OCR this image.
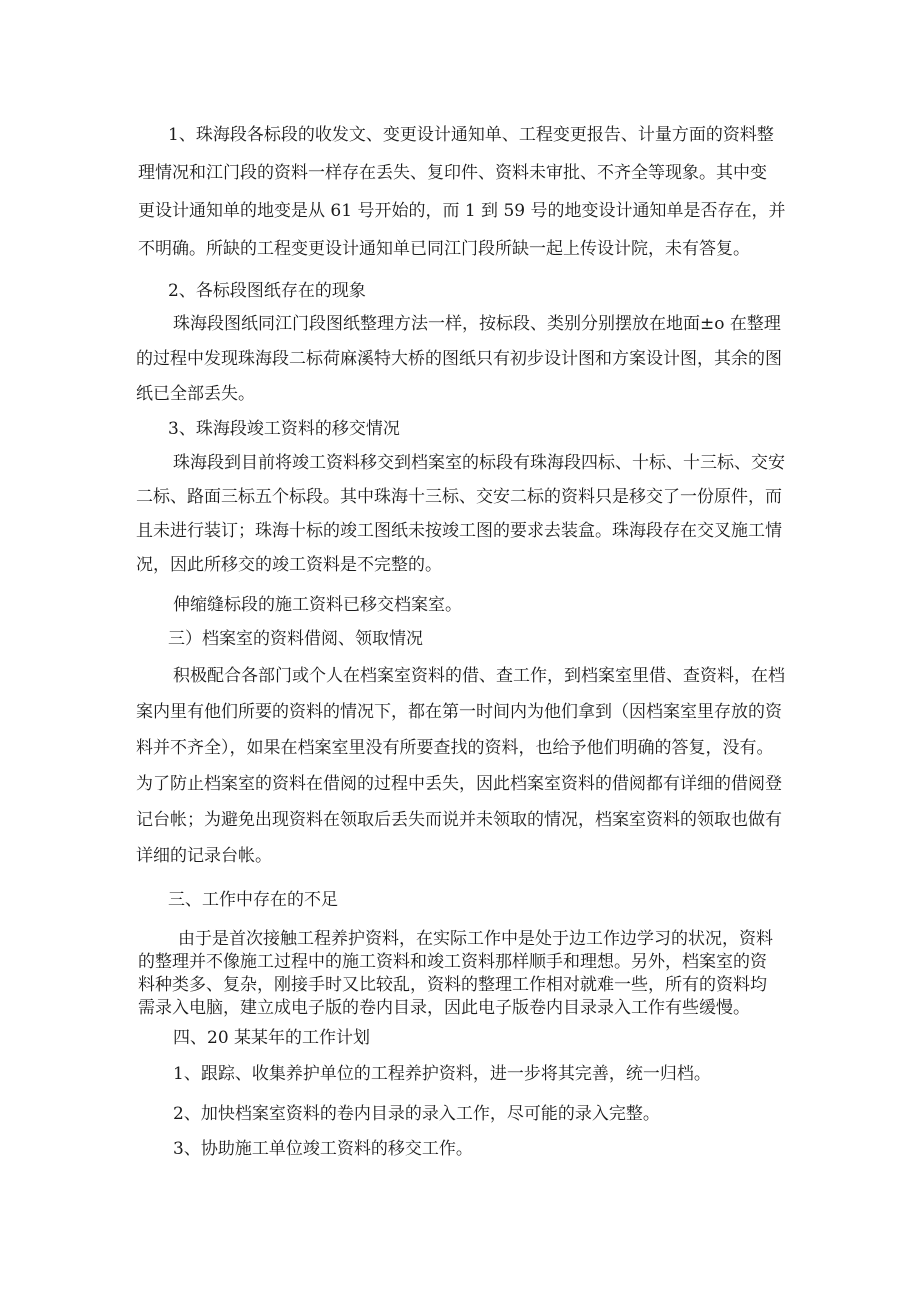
1、珠海段各标段的收发文、变更设计通知单、工程变更报告、计量方面的资料整
理情况和江门段的资料一样存在丢失、复印件、资料未审批、不齐全等现象。其中变
更设计通知单的地变是从 61 号开始的，而 1 到 59 号的地变设计通知单是否存在，并
不明确。所缺的工程变更设计通知单已同江门段所缺一起上传设计院，未有答复。
2、各标段图纸存在的现象
珠海段图纸同江门段图纸整理方法一样，按标段、类别分别摆放在地面±o 在整理
的过程中发现珠海段二标荷麻溪特大桥的图纸只有初步设计图和方案设计图，其余的图
纸已全部丢失。
3、珠海段竣工资料的移交情况
珠海段到目前将竣工资料移交到档案室的标段有珠海段四标、十标、十三标、交安
二标、路面三标五个标段。其中珠海十三标、交安二标的资料只是移交了一份原件，而
且未进行装订；珠海十标的竣工图纸未按竣工图的要求去装盒。珠海段存在交叉施工情
况，因此所移交的竣工资料是不完整的。
伸缩缝标段的施工资料已移交档案室。
三）档案室的资料借阅、领取情况
积极配合各部门或个人在档案室资料的借、查工作，到档案室里借、查资料，在档
案内里有他们所要的资料的情况下，都在第一时间内为他们拿到（因档案室里存放的资
料并不齐全），如果在档案室里没有所要查找的资料，也给予他们明确的答复，没有。
为了防止档案室的资料在借阅的过程中丢失，因此档案室资料的借阅都有详细的借阅登
记台帐；为避免出现资料在领取后丢失而说并未领取的情况，档案室资料的领取也做有
详细的记录台帐。
三、工作中存在的不足
由于是首次接触工程养护资料，在实际工作中是处于边工作边学习的状况，资料
的整理并不像施工过程中的施工资料和竣工资料那样顺手和理想。另外，档案室的资
料种类多、复杂，刚接手时又比较乱，资料的整理工作相对就难一些，所有的资料均
需录入电脑，建立成电子版的卷内目录，因此电子版卷内目录录入工作有些缓慢。
四、20 某某年的工作计划
1、跟踪、收集养护单位的工程养护资料，进一步将其完善，统一归档。
2、加快档案室资料的卷内目录的录入工作，尽可能的录入完整。
3、协助施工单位竣工资料的移交工作。
